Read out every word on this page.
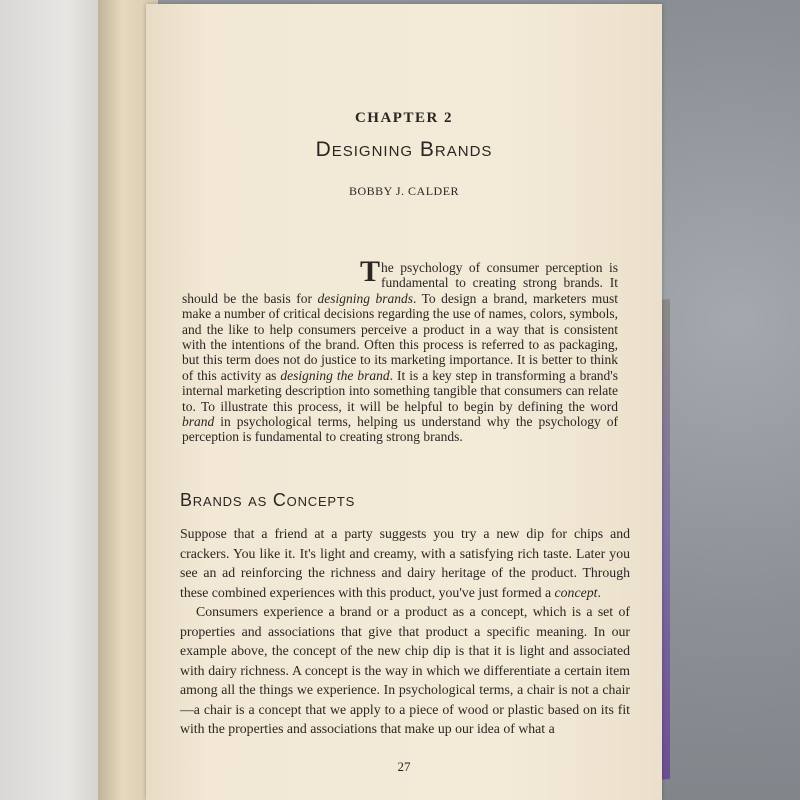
CHAPTER 2
Designing Brands
BOBBY J. CALDER
The psychology of consumer perception is fundamental to creating strong brands. It should be the basis for designing brands. To design a brand, marketers must make a number of critical decisions regarding the use of names, colors, symbols, and the like to help consumers perceive a product in a way that is consistent with the intentions of the brand. Often this process is referred to as packaging, but this term does not do justice to its marketing importance. It is better to think of this activity as designing the brand. It is a key step in transforming a brand's internal marketing description into something tangible that consumers can relate to. To illustrate this process, it will be helpful to begin by defining the word brand in psychological terms, helping us understand why the psychology of perception is fundamental to creating strong brands.
Brands as Concepts

Suppose that a friend at a party suggests you try a new dip for chips and crackers. You like it. It's light and creamy, with a satisfying rich taste. Later you see an ad reinforcing the richness and dairy heritage of the product. Through these combined experiences with this product, you've just formed a concept.

Consumers experience a brand or a product as a concept, which is a set of properties and associations that give that product a specific meaning. In our example above, the concept of the new chip dip is that it is light and associated with dairy richness. A concept is the way in which we differentiate a certain item among all the things we experience. In psychological terms, a chair is not a chair—a chair is a concept that we apply to a piece of wood or plastic based on its fit with the properties and associations that make up our idea of what a

27
